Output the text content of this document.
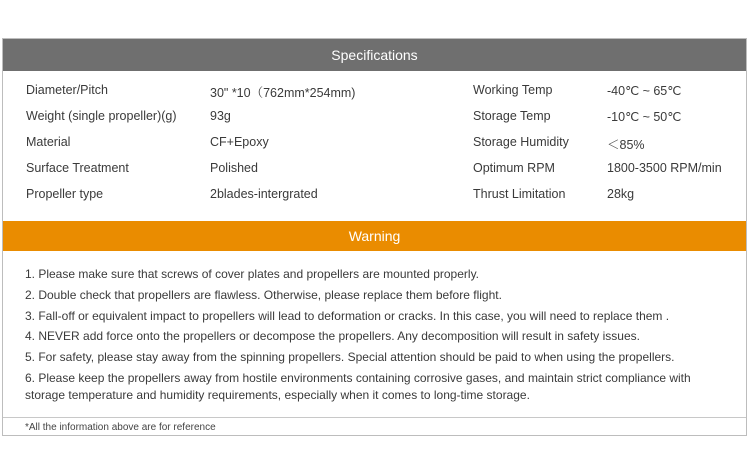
Specifications
Diameter/Pitch	30" *10（762mm*254mm)	Working Temp	-40℃ ~ 65℃
Weight (single propeller)(g)	93g	Storage Temp	-10℃ ~ 50℃
Material	CF+Epoxy	Storage Humidity	＜85%
Surface Treatment	Polished	Optimum RPM	1800-3500 RPM/min
Propeller type	2blades-intergrated	Thrust Limitation	28kg
Warning
1. Please make sure that screws of cover plates and propellers are mounted properly.
2. Double check that propellers are flawless. Otherwise, please replace them before flight.
3. Fall-off or equivalent impact to propellers will lead to deformation or cracks. In this case, you will need to replace them .
4. NEVER add force onto the propellers or decompose the propellers. Any decomposition will result in safety issues.
5. For safety, please stay away from the spinning propellers. Special attention should be paid to when using the propellers.
6. Please keep the propellers away from hostile environments containing corrosive gases, and maintain strict compliance with storage temperature and humidity requirements, especially when it comes to long-time storage.
*All the information above are for reference
